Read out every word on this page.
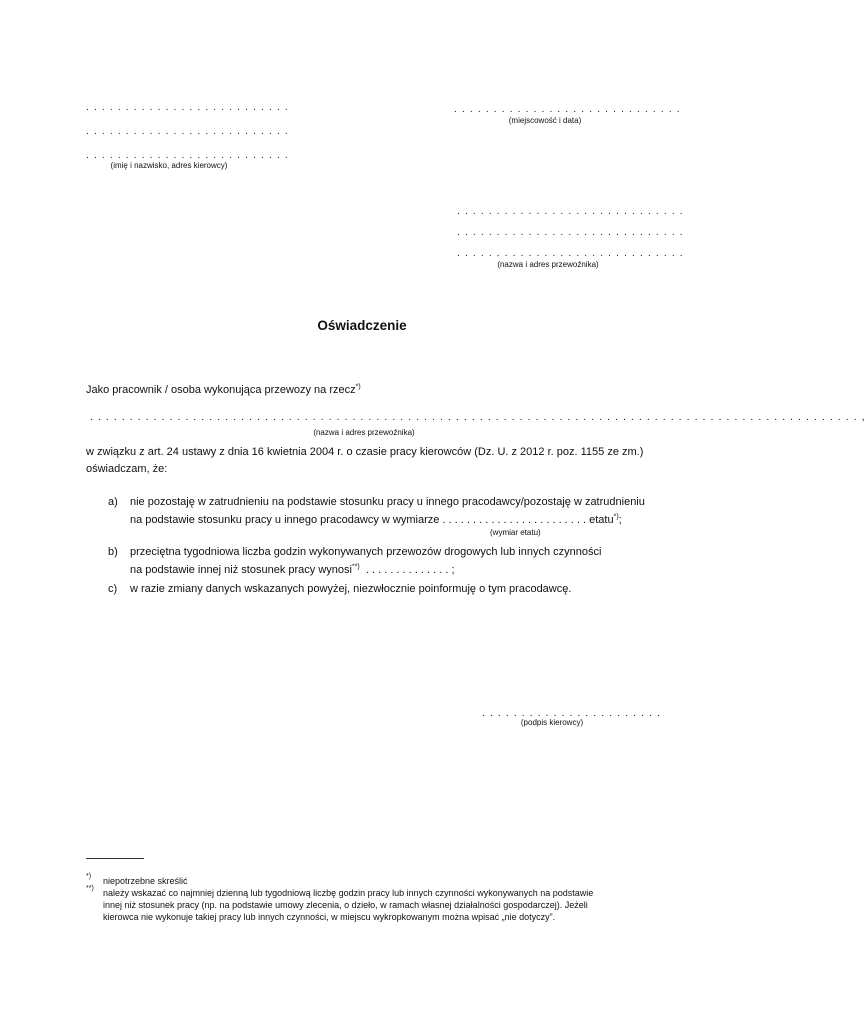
. . . . . . . . . . . . . . . . . . . . . . . . . .
. . . . . . . . . . . . . . . . . . . . . . . . . .
. . . . . . . . . . . . . . . . . . . . . . . . . .
(imię i nazwisko, adres kierowcy)
. . . . . . . . . . . . . . . . . . . . . . . . . . . . .
(miejscowość i data)
. . . . . . . . . . . . . . . . . . . . . . . . . . . . .
. . . . . . . . . . . . . . . . . . . . . . . . . . . . .
. . . . . . . . . . . . . . . . . . . . . . . . . . . . .
(nazwa i adres przewoźnika)
Oświadczenie
Jako pracownik / osoba wykonująca przewozy na rzecz*)
. . . . . . . . . . . . . . . . . . . . . . . . . . . . . . . . . . . . . . . . . . . . . . . . . . . . . . . . . . . . . . . . . . . . . . . . . . . . . . . . . . . . . . . . . . . . . . . . . ,
(nazwa i adres przewoźnika)
w związku z art. 24 ustawy z dnia 16 kwietnia 2004 r. o czasie pracy kierowców (Dz. U. z 2012 r. poz. 1155 ze zm.)
oświadczam, że:
a) nie pozostaję w zatrudnieniu na podstawie stosunku pracy u innego pracodawcy/pozostaję w zatrudnieniu
na podstawie stosunku pracy u innego pracodawcy w wymiarze . . . . . . . . . . . . . . . . . . . . . . . . etatu*);
(wymiar etatu)
b) przeciętna tygodniowa liczba godzin wykonywanych przewozów drogowych lub innych czynności
na podstawie innej niż stosunek pracy wynosi**) . . . . . . . . . . . . . . ;
c) w razie zmiany danych wskazanych powyżej, niezwłocznie poinformuję o tym pracodawcę.
. . . . . . . . . . . . . . . . . . . . . . .
(podpis kierowcy)
*) niepotrzebne skreślić
**) należy wskazać co najmniej dzienną lub tygodniową liczbę godzin pracy lub innych czynności wykonywanych na podstawie
innej niż stosunek pracy (np. na podstawie umowy zlecenia, o dzieło, w ramach własnej działalności gospodarczej). Jeżeli
kierowca nie wykonuje takiej pracy lub innych czynności, w miejscu wykropkowanym można wpisać „nie dotyczy”.
